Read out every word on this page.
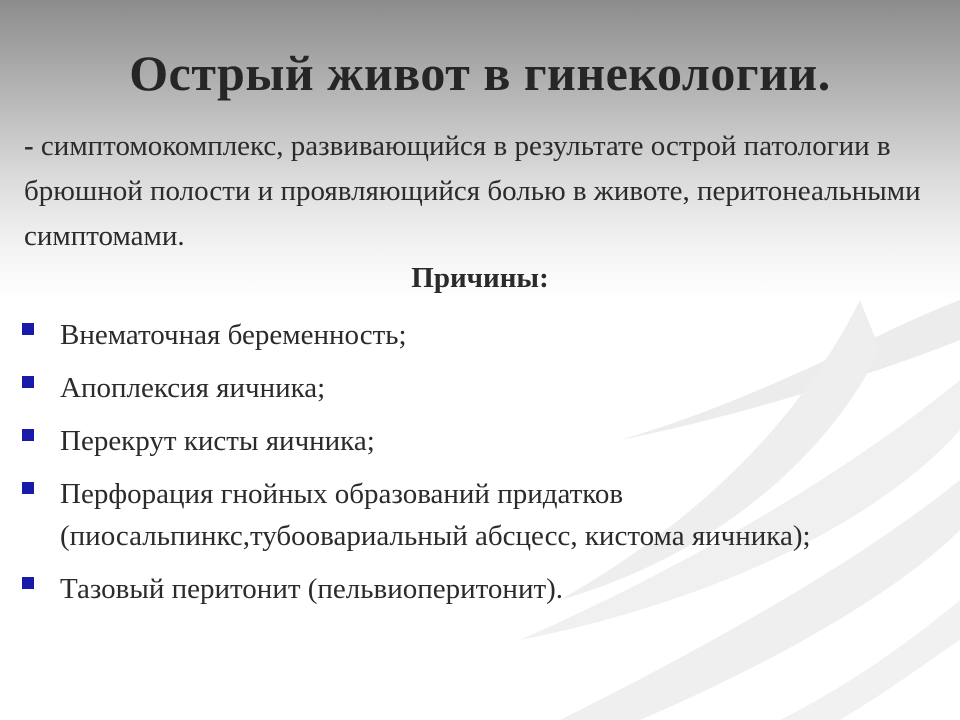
Острый живот в гинекологии.

- симптомокомплекс, развивающийся в результате острой патологии в брюшной полости и проявляющийся болью в животе, перитонеальными симптомами.

Причины:
Внематочная беременность;
Апоплексия яичника;
Перекрут кисты яичника;
Перфорация гнойных образований придатков (пиосальпинкс,тубоовариальный абсцесс, кистома яичника);
Тазовый перитонит (пельвиоперитонит).
